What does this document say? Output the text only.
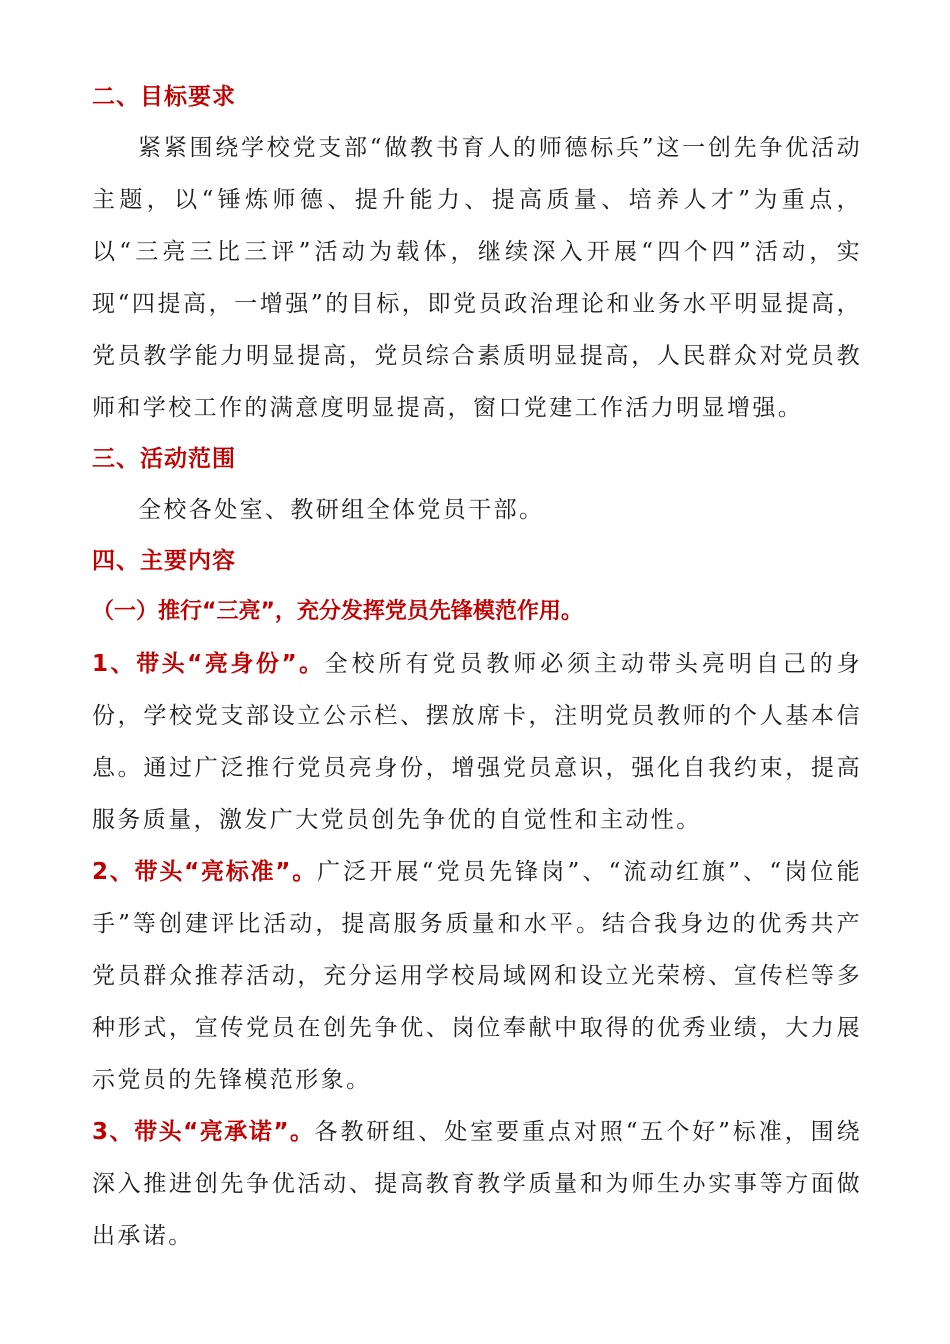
二、目标要求

紧紧围绕学校党支部“做教书育人的师德标兵”这一创先争优活动主题，以“锤炼师德、提升能力、提高质量、培养人才”为重点，以“三亮三比三评”活动为载体，继续深入开展“四个四”活动，实现“四提高，一增强”的目标，即党员政治理论和业务水平明显提高，党员教学能力明显提高，党员综合素质明显提高，人民群众对党员教师和学校工作的满意度明显提高，窗口党建工作活力明显增强。

三、活动范围

全校各处室、教研组全体党员干部。

四、主要内容
（一）推行“三亮”，充分发挥党员先锋模范作用。

1、带头“亮身份”。全校所有党员教师必须主动带头亮明自己的身份，学校党支部设立公示栏、摆放席卡，注明党员教师的个人基本信息。通过广泛推行党员亮身份，增强党员意识，强化自我约束，提高服务质量，激发广大党员创先争优的自觉性和主动性。

2、带头“亮标准”。广泛开展“党员先锋岗”、“流动红旗”、“岗位能手”等创建评比活动，提高服务质量和水平。结合我身边的优秀共产党员群众推荐活动，充分运用学校局域网和设立光荣榜、宣传栏等多种形式，宣传党员在创先争优、岗位奉献中取得的优秀业绩，大力展示党员的先锋模范形象。

3、带头“亮承诺”。各教研组、处室要重点对照“五个好”标准，围绕深入推进创先争优活动、提高教育教学质量和为师生办实事等方面做出承诺。
